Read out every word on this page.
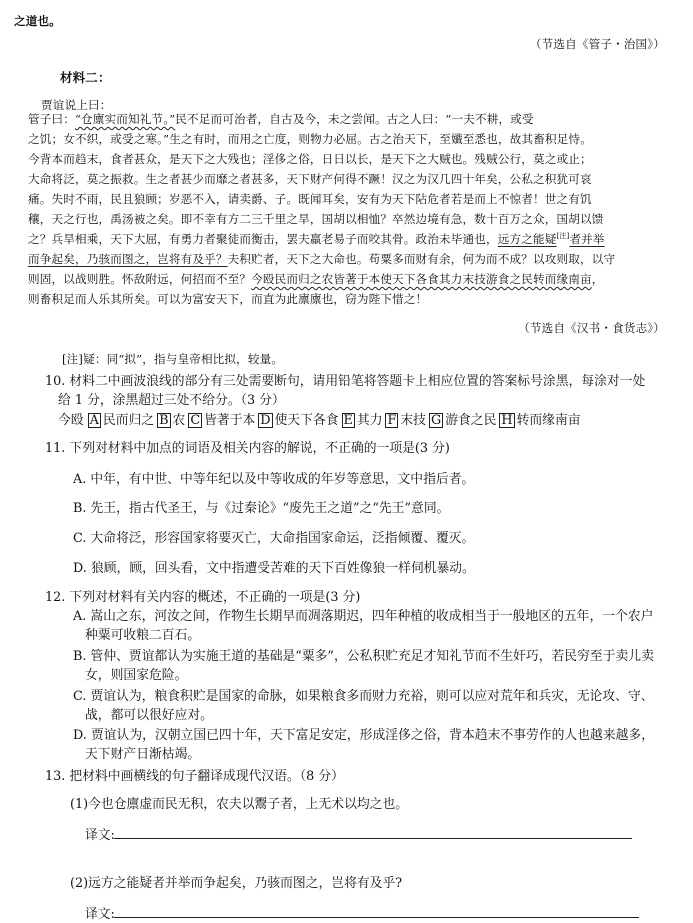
之道也。
（节选自《管子・治国》）
材料二：
贾谊说上曰：
管子曰：“仓廪实而知礼节。”民不足而可治者，自古及今，未之尝闻。古之人曰：“一夫不耕，或受
之饥；女不织，或受之寒。”生之有时，而用之亡度，则物力必屈。古之治天下，至孅至悉也，故其畜积足恃。
今背本而趋末，食者甚众，是天下之大残也；淫侈之俗，日日以长，是天下之大贼也。残贼公行，莫之或止；
大命将泛，莫之振救。生之者甚少而靡之者甚多，天下财产何得不蹶！汉之为汉几四十年矣，公私之积犹可哀
痛。失时不雨，民且狼顾；岁恶不入，请卖爵、子。既闻耳矣，安有为天下阽危者若是而上不惊者！世之有饥
穰，天之行也，禹汤被之矣。即不幸有方二三千里之旱，国胡以相恤？卒然边境有急，数十百万之众，国胡以馈
之？兵旱相乘，天下大屈，有勇力者聚徒而衡击，罢夫羸老易子而咬其骨。政治未毕通也，远方之能疑[注]者并举
而争起矣，乃骇而图之，岂将有及乎？夫积贮者，天下之大命也。苟粟多而财有余，何为而不成？以攻则取，以守
则固，以战则胜。怀敌附远，何招而不至？今殴民而归之农皆著于本使天下各食其力末技游食之民转而缘南亩，
则畜积足而人乐其所矣。可以为富安天下，而直为此廪廪也，窃为陛下惜之！
（节选自《汉书・食货志》）
[注]疑：同“拟”，指与皇帝相比拟，较量。
10. 材料二中画波浪线的部分有三处需要断句，请用铅笔将答题卡上相应位置的答案标号涂黑，每涂对一处
给 1 分，涂黑超过三处不给分。（3 分）
今殴 A 民而归之 B 农 C 皆著于本 D 使天下各食 E 其力 F 末技 G 游食之民 H 转而缘南亩
11. 下列对材料中加点的词语及相关内容的解说，不正确的一项是(3 分)
A. 中年，有中世、中等年纪以及中等收成的年岁等意思，文中指后者。
B. 先王，指古代圣王，与《过秦论》“废先王之道”之“先王”意同。
C. 大命将泛，形容国家将要灭亡，大命指国家命运，泛指倾覆、覆灭。
D. 狼顾，顾，回头看，文中指遭受苦难的天下百姓像狼一样伺机暴动。
12. 下列对材料有关内容的概述，不正确的一项是(3 分)
A. 嵩山之东，河汝之间，作物生长期早而凋落期迟，四年种植的收成相当于一般地区的五年，一个农户
种粟可收粮二百石。
B. 管仲、贾谊都认为实施王道的基础是“粟多”，公私积贮充足才知礼节而不生奸巧，若民穷至于卖儿卖
女，则国家危险。
C. 贾谊认为，粮食积贮是国家的命脉，如果粮食多而财力充裕，则可以应对荒年和兵灾，无论攻、守、
战，都可以很好应对。
D. 贾谊认为，汉朝立国已四十年，天下富足安定，形成淫侈之俗，背本趋末不事劳作的人也越来越多，
天下财产日渐枯竭。
13. 把材料中画横线的句子翻译成现代汉语。（8 分）
(1)今也仓廪虚而民无积，农夫以鬻子者，上无术以均之也。
译文:
(2)远方之能疑者并举而争起矣，乃骇而图之，岂将有及乎?
译文:
